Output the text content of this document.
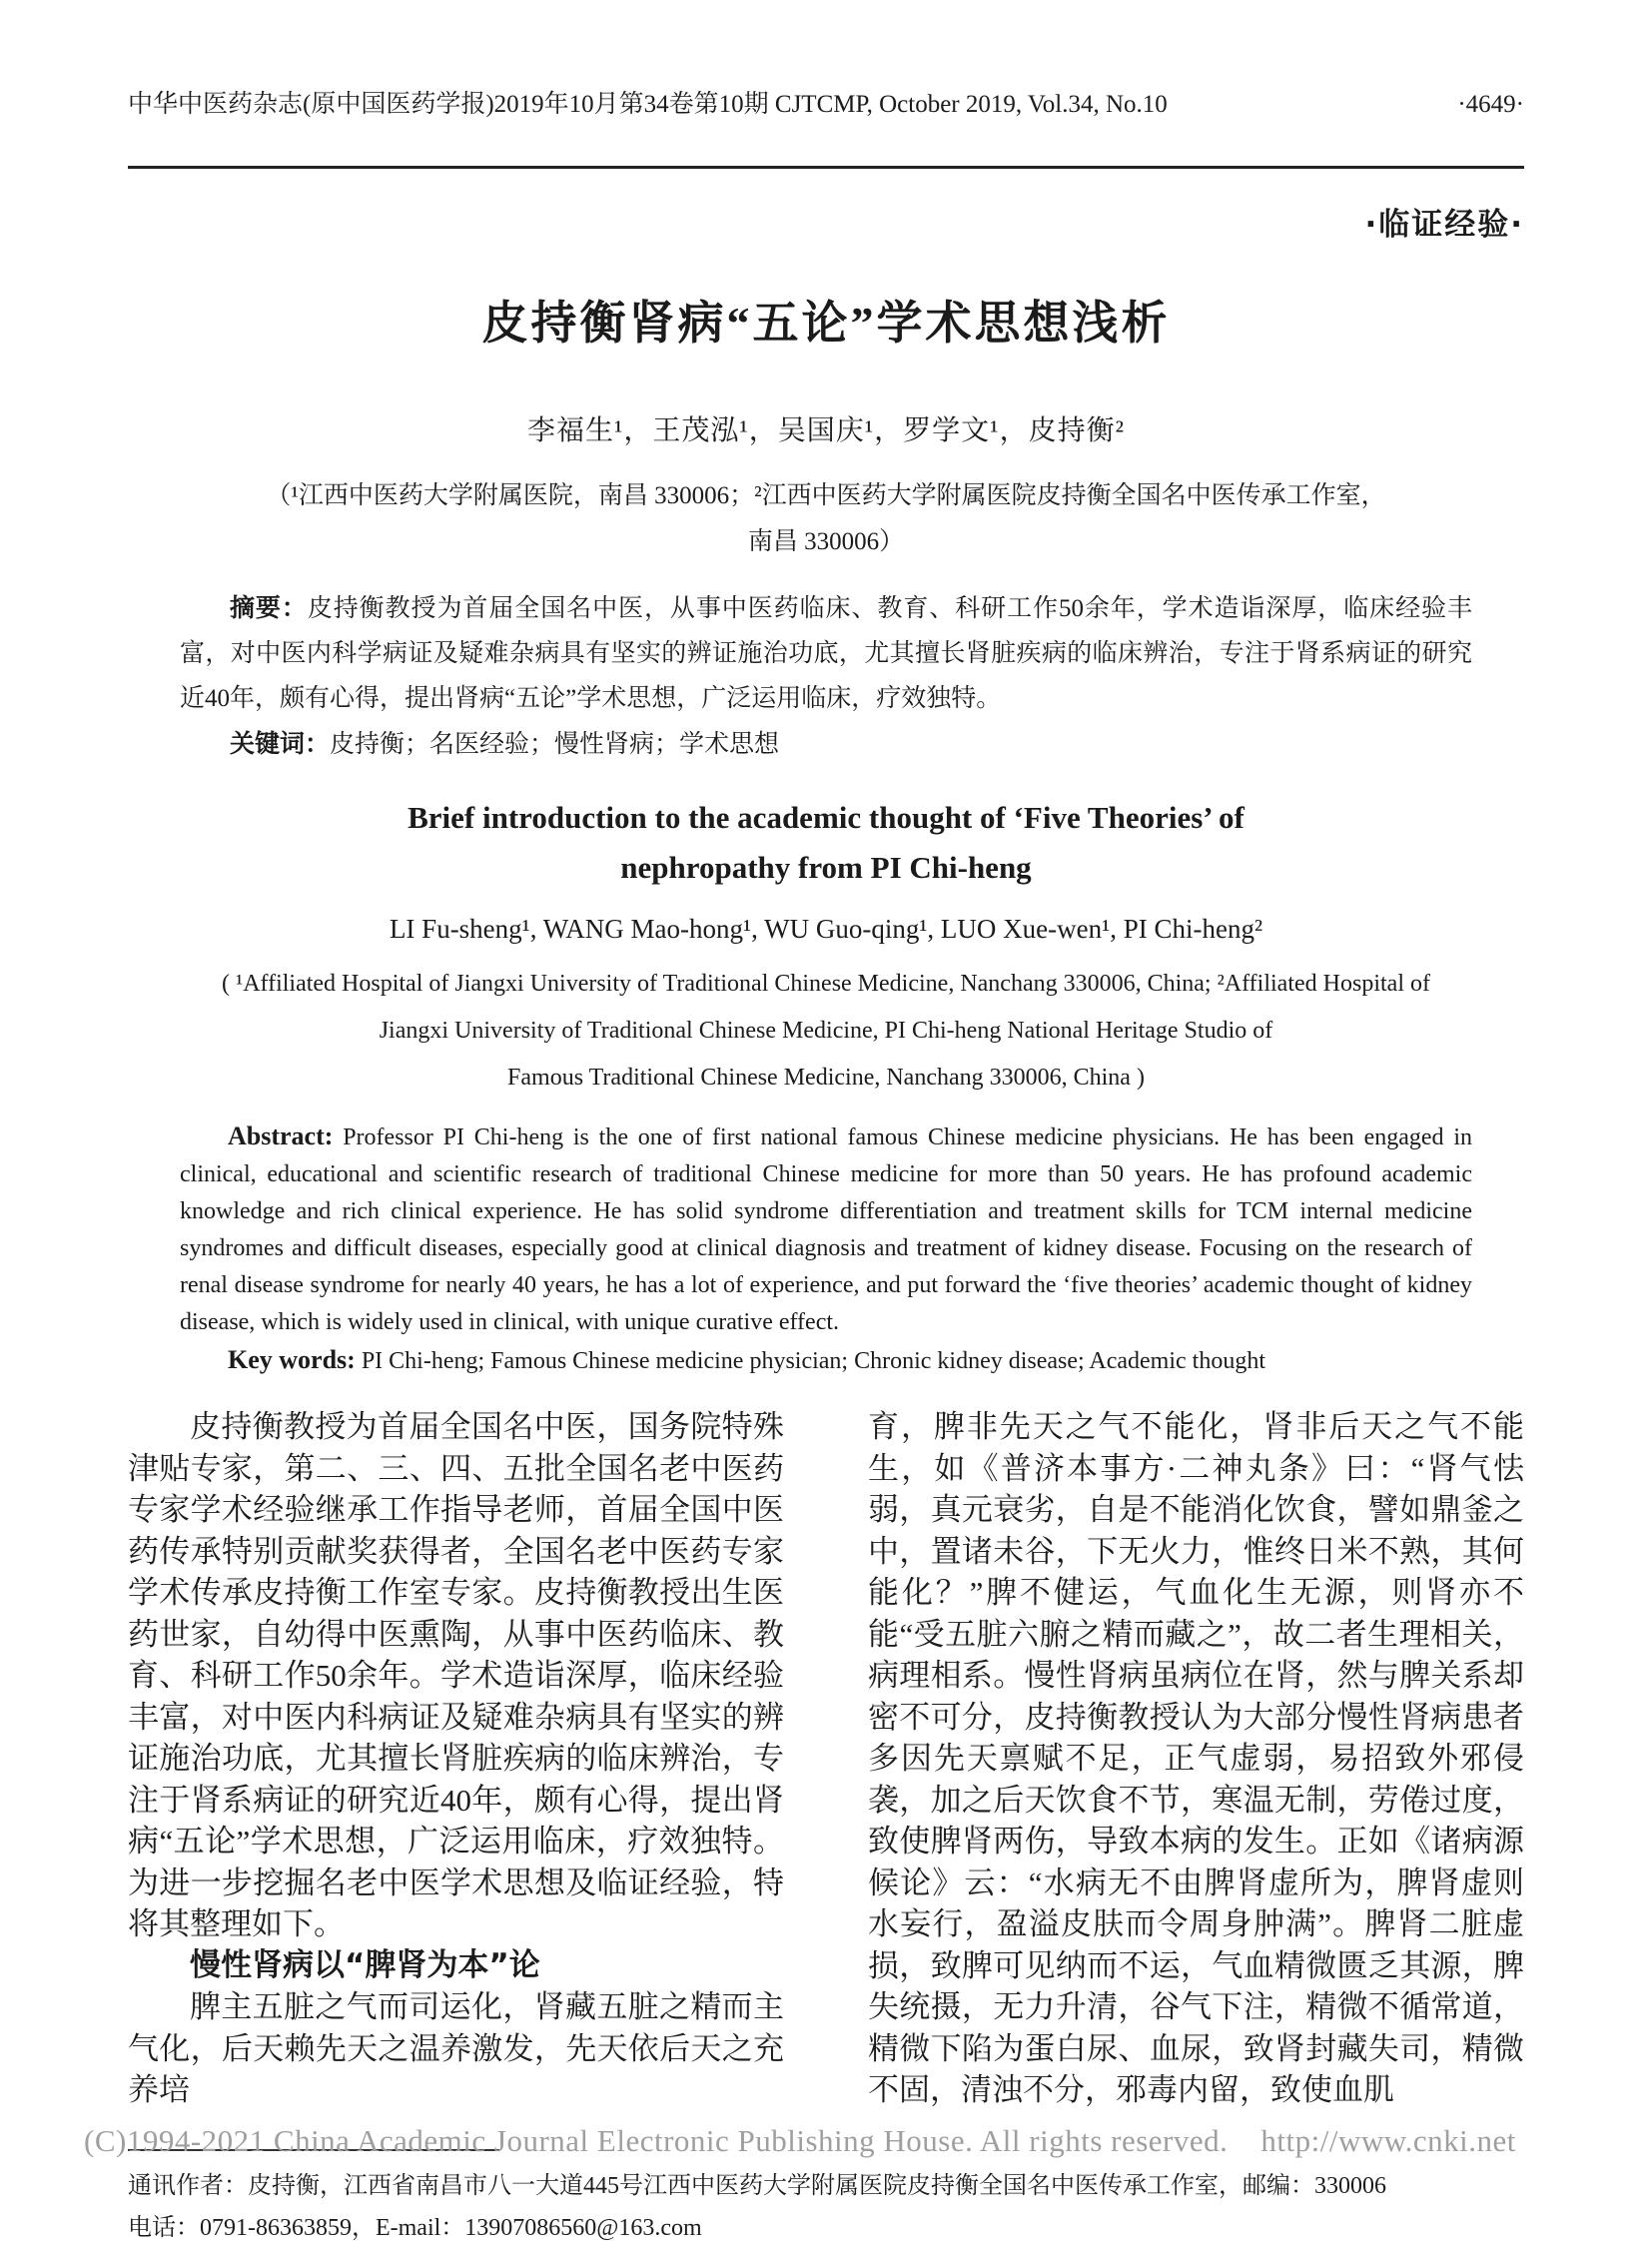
中华中医药杂志(原中国医药学报)2019年10月第34卷第10期 CJTCMP, October 2019, Vol.34, No.10	·4649·
·临证经验·
皮持衡肾病“五论”学术思想浅析
李福生¹，王茂泓¹，吴国庆¹，罗学文¹，皮持衡²
（¹江西中医药大学附属医院，南昌 330006；²江西中医药大学附属医院皮持衡全国名中医传承工作室，
南昌 330006）

摘要：皮持衡教授为首届全国名中医，从事中医药临床、教育、科研工作50余年，学术造诣深厚，临床经验丰富，对中医内科学病证及疑难杂病具有坚实的辨证施治功底，尤其擅长肾脏疾病的临床辨治，专注于肾系病证的研究近40年，颇有心得，提出肾病“五论”学术思想，广泛运用临床，疗效独特。

关键词：皮持衡；名医经验；慢性肾病；学术思想

Brief introduction to the academic thought of ‘Five Theories’ of
nephropathy from PI Chi-heng
LI Fu-sheng¹, WANG Mao-hong¹, WU Guo-qing¹, LUO Xue-wen¹, PI Chi-heng²
( ¹Affiliated Hospital of Jiangxi University of Traditional Chinese Medicine, Nanchang 330006, China; ²Affiliated Hospital of
Jiangxi University of Traditional Chinese Medicine, PI Chi-heng National Heritage Studio of
Famous Traditional Chinese Medicine, Nanchang 330006, China )

Abstract: Professor PI Chi-heng is the one of first national famous Chinese medicine physicians. He has been engaged in clinical, educational and scientific research of traditional Chinese medicine for more than 50 years. He has profound academic knowledge and rich clinical experience. He has solid syndrome differentiation and treatment skills for TCM internal medicine syndromes and difficult diseases, especially good at clinical diagnosis and treatment of kidney disease. Focusing on the research of renal disease syndrome for nearly 40 years, he has a lot of experience, and put forward the ‘five theories’ academic thought of kidney disease, which is widely used in clinical, with unique curative effect.

Key words: PI Chi-heng; Famous Chinese medicine physician; Chronic kidney disease; Academic thought

皮持衡教授为首届全国名中医，国务院特殊津贴专家，第二、三、四、五批全国名老中医药专家学术经验继承工作指导老师，首届全国中医药传承特别贡献奖获得者，全国名老中医药专家学术传承皮持衡工作室专家。皮持衡教授出生医药世家，自幼得中医熏陶，从事中医药临床、教育、科研工作50余年。学术造诣深厚，临床经验丰富，对中医内科病证及疑难杂病具有坚实的辨证施治功底，尤其擅长肾脏疾病的临床辨治，专注于肾系病证的研究近40年，颇有心得，提出肾病“五论”学术思想，广泛运用临床，疗效独特。为进一步挖掘名老中医学术思想及临证经验，特将其整理如下。

慢性肾病以“脾肾为本”论

脾主五脏之气而司运化，肾藏五脏之精而主气化，后天赖先天之温养激发，先天依后天之充养培

育，脾非先天之气不能化，肾非后天之气不能生，如《普济本事方·二神丸条》曰：“肾气怯弱，真元衰劣，自是不能消化饮食，譬如鼎釜之中，置诸未谷，下无火力，惟终日米不熟，其何能化？”脾不健运，气血化生无源，则肾亦不能“受五脏六腑之精而藏之”，故二者生理相关，病理相系。慢性肾病虽病位在肾，然与脾关系却密不可分，皮持衡教授认为大部分慢性肾病患者多因先天禀赋不足，正气虚弱，易招致外邪侵袭，加之后天饮食不节，寒温无制，劳倦过度，致使脾肾两伤，导致本病的发生。正如《诸病源候论》云：“水病无不由脾肾虚所为，脾肾虚则水妄行，盈溢皮肤而令周身肿满”。脾肾二脏虚损，致脾可见纳而不运，气血精微匮乏其源，脾失统摄，无力升清，谷气下注，精微不循常道，精微下陷为蛋白尿、血尿，致肾封藏失司，精微不固，清浊不分，邪毒内留，致使血肌

通讯作者：皮持衡，江西省南昌市八一大道445号江西中医药大学附属医院皮持衡全国名中医传承工作室，邮编：330006
电话：0791-86363859，E-mail：13907086560@163.com
(C)1994-2021 China Academic Journal Electronic Publishing House. All rights reserved.    http://www.cnki.net
